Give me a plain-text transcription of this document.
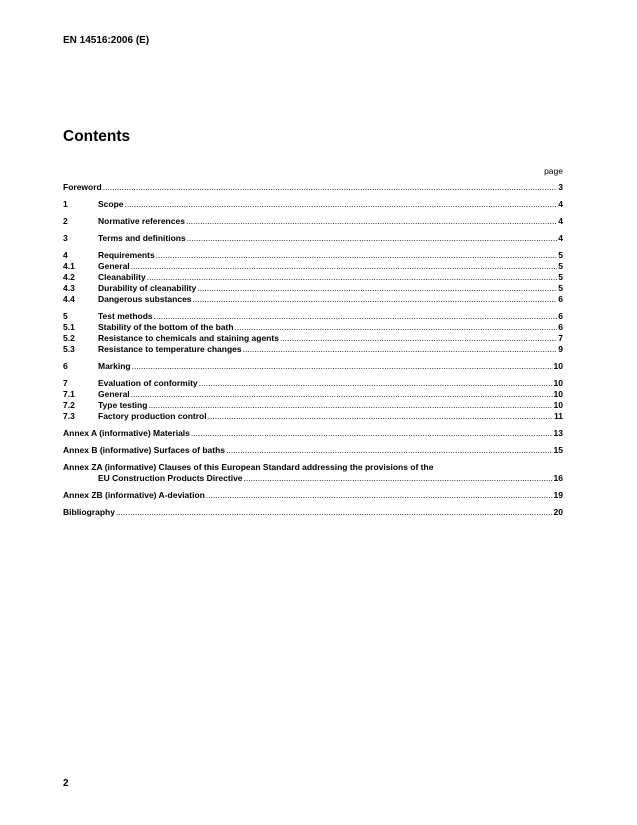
EN 14516:2006 (E)
Contents
page
Foreword .....	3
1	Scope .....	4
2	Normative references .....	4
3	Terms and definitions .....	4
4	Requirements .....	5
4.1	General .....	5
4.2	Cleanability .....	5
4.3	Durability of cleanability .....	5
4.4	Dangerous substances .....	6
5	Test methods .....	6
5.1	Stability of the bottom of the bath .....	6
5.2	Resistance to chemicals and staining agents .....	7
5.3	Resistance to temperature changes .....	9
6	Marking .....	10
7	Evaluation of conformity .....	10
7.1	General .....	10
7.2	Type testing .....	10
7.3	Factory production control .....	11
Annex A (informative) Materials .....	13
Annex B (informative) Surfaces of baths .....	15
Annex ZA (informative) Clauses of this European Standard addressing the provisions of the
EU Construction Products Directive .....	16
Annex ZB (informative) A-deviation .....	19
Bibliography .....	20
2
